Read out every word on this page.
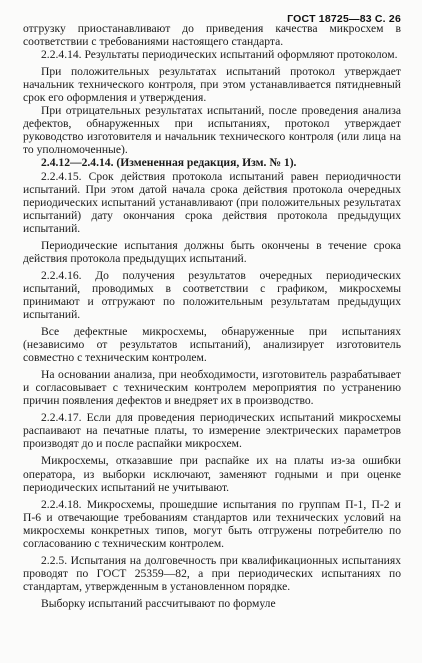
ГОСТ 18725—83 С. 26

отгрузку приостанавливают до приведения качества микросхем в соответствии с требованиями настоящего стандарта.

2.2.4.14. Результаты периодических испытаний оформляют протоколом.

При положительных результатах испытаний протокол утверждает начальник технического контроля, при этом устанавливается пятидневный срок его оформления и утверждения.

При отрицательных результатах испытаний, после проведения анализа дефектов, обнаруженных при испытаниях, протокол утверждает руководство изготовителя и начальник технического контроля (или лица на то уполномоченные).

2.4.12—2.4.14. (Измененная редакция, Изм. № 1).

2.2.4.15. Срок действия протокола испытаний равен периодичности испытаний. При этом датой начала срока действия протокола очередных периодических испытаний устанавливают (при положительных результатах испытаний) дату окончания срока действия протокола предыдущих испытаний.

Периодические испытания должны быть окончены в течение срока действия протокола предыдущих испытаний.

2.2.4.16. До получения результатов очередных периодических испытаний, проводимых в соответствии с графиком, микросхемы принимают и отгружают по положительным результатам предыдущих испытаний.

Все дефектные микросхемы, обнаруженные при испытаниях (независимо от результатов испытаний), анализирует изготовитель совместно с техническим контролем.

На основании анализа, при необходимости, изготовитель разрабатывает и согласовывает с техническим контролем мероприятия по устранению причин появления дефектов и внедряет их в производство.

2.2.4.17. Если для проведения периодических испытаний микросхемы распаивают на печатные платы, то измерение электрических параметров производят до и после распайки микросхем.

Микросхемы, отказавшие при распайке их на платы из-за ошибки оператора, из выборки исключают, заменяют годными и при оценке периодических испытаний не учитывают.

2.2.4.18. Микросхемы, прошедшие испытания по группам П-1, П-2 и П-6 и отвечающие требованиям стандартов или технических условий на микросхемы конкретных типов, могут быть отгружены потребителю по согласованию с техническим контролем.

2.2.5. Испытания на долговечность при квалификационных испытаниях проводят по ГОСТ 25359—82, а при периодических испытаниях по стандартам, утвержденным в установленном порядке.

Выборку испытаний рассчитывают по формуле
